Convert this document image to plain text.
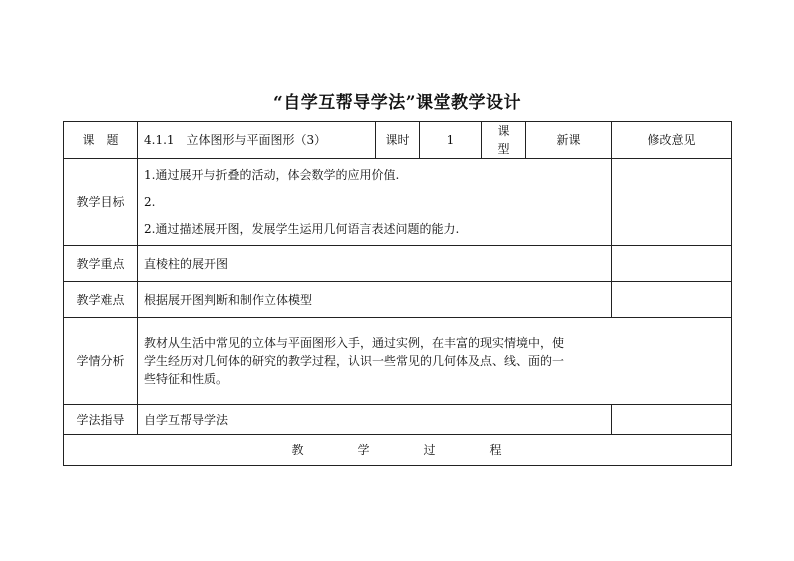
“自学互帮导学法”课堂教学设计
课　题	4.1.1　立体图形与平面图形（3）	课时	1	课　型	新课	修改意见
教学目标	1.通过展开与折叠的活动，体会数学的应用价值.
2.
2.通过描述展开图，发展学生运用几何语言表述问题的能力.					

教学重点	直棱柱的展开图					
教学难点	根据展开图判断和制作立体模型					
学情分析	教材从生活中常见的立体与平面图形入手，通过实例，在丰富的现实情境中，使
学生经历对几何体的研究的教学过程，认识一些常见的几何体及点、线、面的一
些特征和性质。					

学法指导	自学互帮导学法					
教 学 过 程						
